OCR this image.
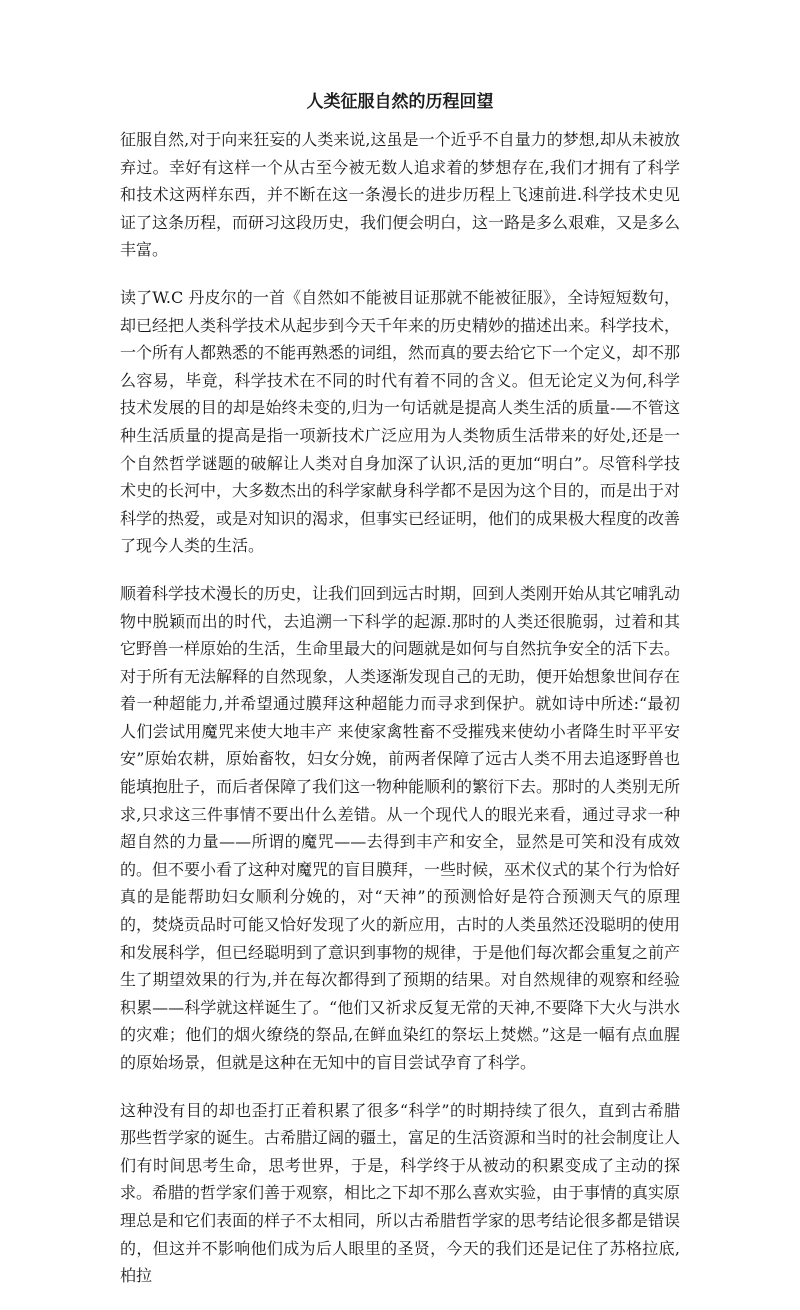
人类征服自然的历程回望

征服自然,对于向来狂妄的人类来说,这虽是一个近乎不自量力的梦想,却从未被放弃过。幸好有这样一个从古至今被无数人追求着的梦想存在,我们才拥有了科学和技术这两样东西，并不断在这一条漫长的进步历程上飞速前进.科学技术史见证了这条历程，而研习这段历史，我们便会明白，这一路是多么艰难，又是多么丰富。

读了W.C 丹皮尔的一首《自然如不能被目证那就不能被征服》，全诗短短数句，却已经把人类科学技术从起步到今天千年来的历史精妙的描述出来。科学技术，一个所有人都熟悉的不能再熟悉的词组，然而真的要去给它下一个定义，却不那么容易，毕竟，科学技术在不同的时代有着不同的含义。但无论定义为何,科学技术发展的目的却是始终未变的,归为一句话就是提高人类生活的质量-—不管这种生活质量的提高是指一项新技术广泛应用为人类物质生活带来的好处,还是一个自然哲学谜题的破解让人类对自身加深了认识,活的更加“明白”。尽管科学技术史的长河中，大多数杰出的科学家献身科学都不是因为这个目的，而是出于对科学的热爱，或是对知识的渴求，但事实已经证明，他们的成果极大程度的改善了现今人类的生活。

顺着科学技术漫长的历史，让我们回到远古时期，回到人类刚开始从其它哺乳动物中脱颖而出的时代，去追溯一下科学的起源.那时的人类还很脆弱，过着和其它野兽一样原始的生活，生命里最大的问题就是如何与自然抗争安全的活下去。对于所有无法解释的自然现象，人类逐渐发现自己的无助，便开始想象世间存在着一种超能力,并希望通过膜拜这种超能力而寻求到保护。就如诗中所述:“最初人们尝试用魔咒来使大地丰产 来使家禽牲畜不受摧残来使幼小者降生时平平安安”原始农耕，原始畜牧，妇女分娩，前两者保障了远古人类不用去追逐野兽也能填抱肚子，而后者保障了我们这一物种能顺利的繁衍下去。那时的人类别无所求,只求这三件事情不要出什么差错。从一个现代人的眼光来看，通过寻求一种超自然的力量——所谓的魔咒——去得到丰产和安全，显然是可笑和没有成效的。但不要小看了这种对魔咒的盲目膜拜，一些时候，巫术仪式的某个行为恰好真的是能帮助妇女顺利分娩的，对“天神”的预测恰好是符合预测天气的原理的，焚烧贡品时可能又恰好发现了火的新应用，古时的人类虽然还没聪明的使用和发展科学，但已经聪明到了意识到事物的规律，于是他们每次都会重复之前产生了期望效果的行为,并在每次都得到了预期的结果。对自然规律的观察和经验积累——科学就这样诞生了。“他们又祈求反复无常的天神,不要降下大火与洪水的灾难；他们的烟火缭绕的祭品,在鲜血染红的祭坛上焚燃。”这是一幅有点血腥的原始场景，但就是这种在无知中的盲目尝试孕育了科学。

这种没有目的却也歪打正着积累了很多“科学”的时期持续了很久，直到古希腊那些哲学家的诞生。古希腊辽阔的疆土，富足的生活资源和当时的社会制度让人们有时间思考生命，思考世界，于是，科学终于从被动的积累变成了主动的探求。希腊的哲学家们善于观察，相比之下却不那么喜欢实验，由于事情的真实原理总是和它们表面的样子不太相同，所以古希腊哲学家的思考结论很多都是错误的，但这并不影响他们成为后人眼里的圣贤，今天的我们还是记住了苏格拉底,柏拉
